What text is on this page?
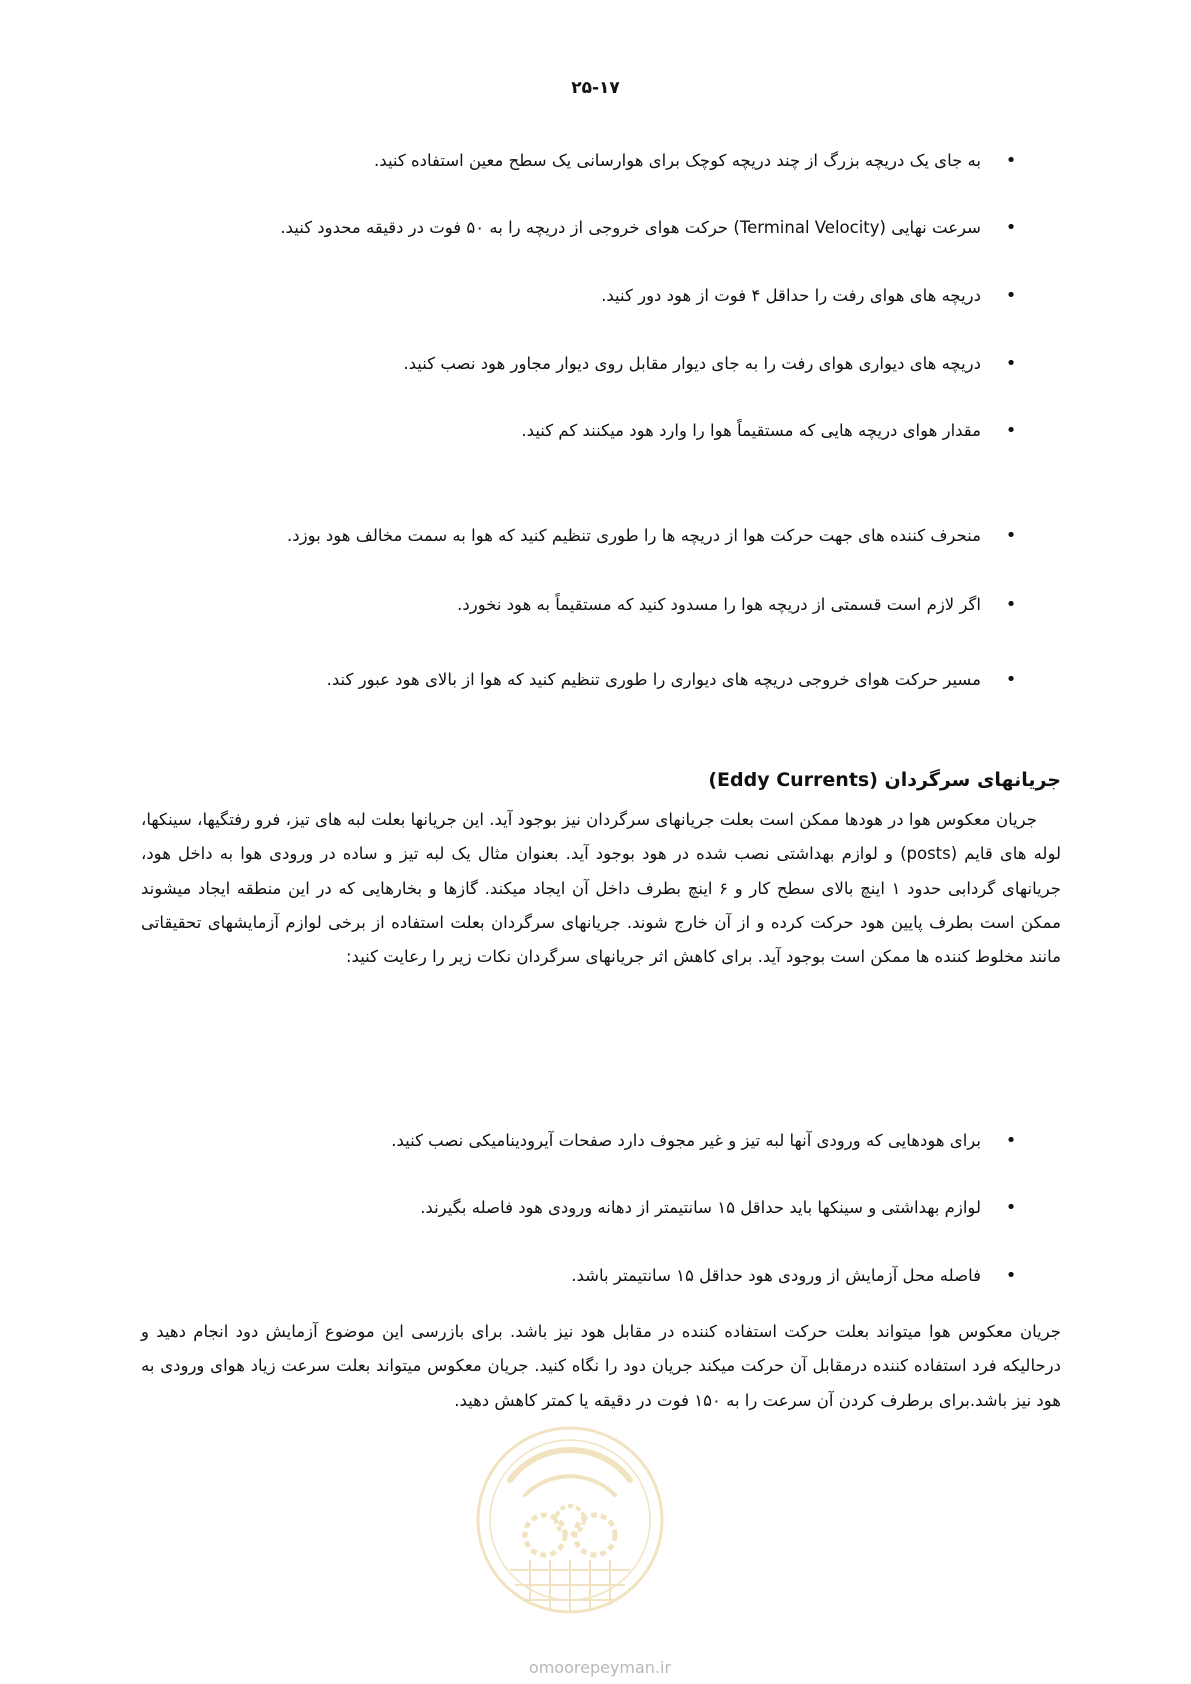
۲۵-۱۷
•
به جای یک دریچه بزرگ از چند دریچه کوچک برای هوارسانی یک سطح معین استفاده کنید.
•
سرعت نهایی (Terminal Velocity) حرکت هوای خروجی از دریچه را به ۵۰ فوت در دقیقه محدود کنید.
•
دریچه های هوای رفت را حداقل ۴ فوت از هود دور کنید.
•
دریچه های دیواری هوای رفت را به جای دیوار مقابل روی دیوار مجاور هود نصب کنید.
•
مقدار هوای دریچه هایی که مستقیماً هوا را وارد هود میکنند کم کنید.
•
منحرف کننده های جهت حرکت هوا از دریچه ها را طوری تنظیم کنید که هوا به سمت مخالف هود بوزد.
•
اگر لازم است قسمتی از دریچه هوا را مسدود کنید که مستقیماً به هود نخورد.
•
مسیر حرکت هوای خروجی دریچه های دیواری را طوری تنظیم کنید که هوا از بالای هود عبور کند.
جریانهای سرگردان (Eddy Currents)

جریان معکوس هوا در هودها ممکن است بعلت جریانهای سرگردان نیز بوجود آید. این جریانها بعلت لبه های تیز، فرو رفتگیها، سینکها، لوله های قایم (posts) و لوازم بهداشتی نصب شده در هود بوجود آید. بعنوان مثال یک لبه تیز و ساده در ورودی هوا به داخل هود، جریانهای گردابی حدود ۱ اینچ بالای سطح کار و ۶ اینچ بطرف داخل آن ایجاد میکند. گازها و بخارهایی که در این منطقه ایجاد میشوند ممکن است بطرف پایین هود حرکت کرده و از آن خارج شوند. جریانهای سرگردان بعلت استفاده از برخی لوازم آزمایشهای تحقیقاتی مانند مخلوط کننده ها ممکن است بوجود آید. برای کاهش اثر جریانهای سرگردان نکات زیر را رعایت کنید:

•
برای هودهایی که ورودی آنها لبه تیز و غیر مجوف دارد صفحات آیرودینامیکی نصب کنید.
•
لوازم بهداشتی و سینکها باید حداقل ۱۵ سانتیمتر از دهانه ورودی هود فاصله بگیرند.
•
فاصله محل آزمایش از ورودی هود حداقل ۱۵ سانتیمتر باشد.

جریان معکوس هوا میتواند بعلت حرکت استفاده کننده در مقابل هود نیز باشد. برای بازرسی این موضوع آزمایش دود انجام دهید و درحالیکه فرد استفاده کننده درمقابل آن حرکت میکند جریان دود را نگاه کنید. جریان معکوس میتواند بعلت سرعت زیاد هوای ورودی به هود نیز باشد.برای برطرف کردن آن سرعت را به ۱۵۰ فوت در دقیقه یا کمتر کاهش دهید.

omoorepeyman.ir
